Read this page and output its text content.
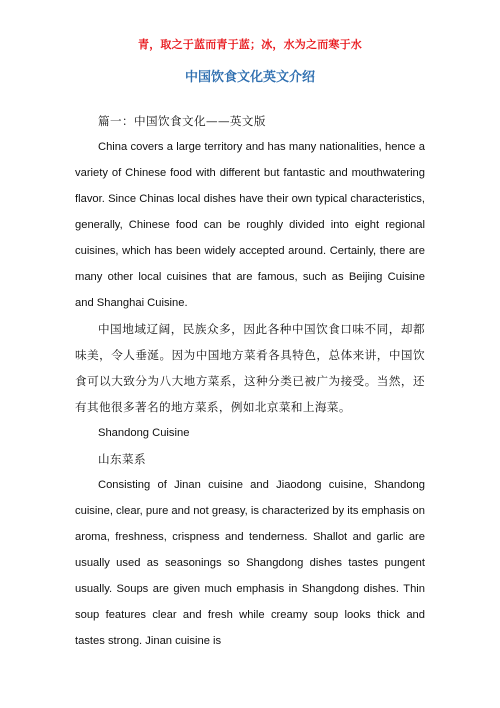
青，取之于蓝而青于蓝；冰，水为之而寒于水
中国饮食文化英文介绍

篇一：中国饮食文化——英文版

China covers a large territory and has many nationalities, hence a variety of Chinese food with different but fantastic and mouthwatering flavor. Since Chinas local dishes have their own typical characteristics, generally, Chinese food can be roughly divided into eight regional cuisines, which has been widely accepted around. Certainly, there are many other local cuisines that are famous, such as Beijing Cuisine and Shanghai Cuisine.

中国地域辽阔，民族众多，因此各种中国饮食口味不同，却都味美，令人垂涎。因为中国地方菜肴各具特色，总体来讲，中国饮食可以大致分为八大地方菜系，这种分类已被广为接受。当然，还有其他很多著名的地方菜系，例如北京菜和上海菜。

Shandong Cuisine

山东菜系

Consisting of Jinan cuisine and Jiaodong cuisine, Shandong cuisine, clear, pure and not greasy, is characterized by its emphasis on aroma, freshness, crispness and tenderness. Shallot and garlic are usually used as seasonings so Shangdong dishes tastes pungent usually. Soups are given much emphasis in Shangdong dishes. Thin soup features clear and fresh while creamy soup looks thick and tastes strong. Jinan cuisine is
